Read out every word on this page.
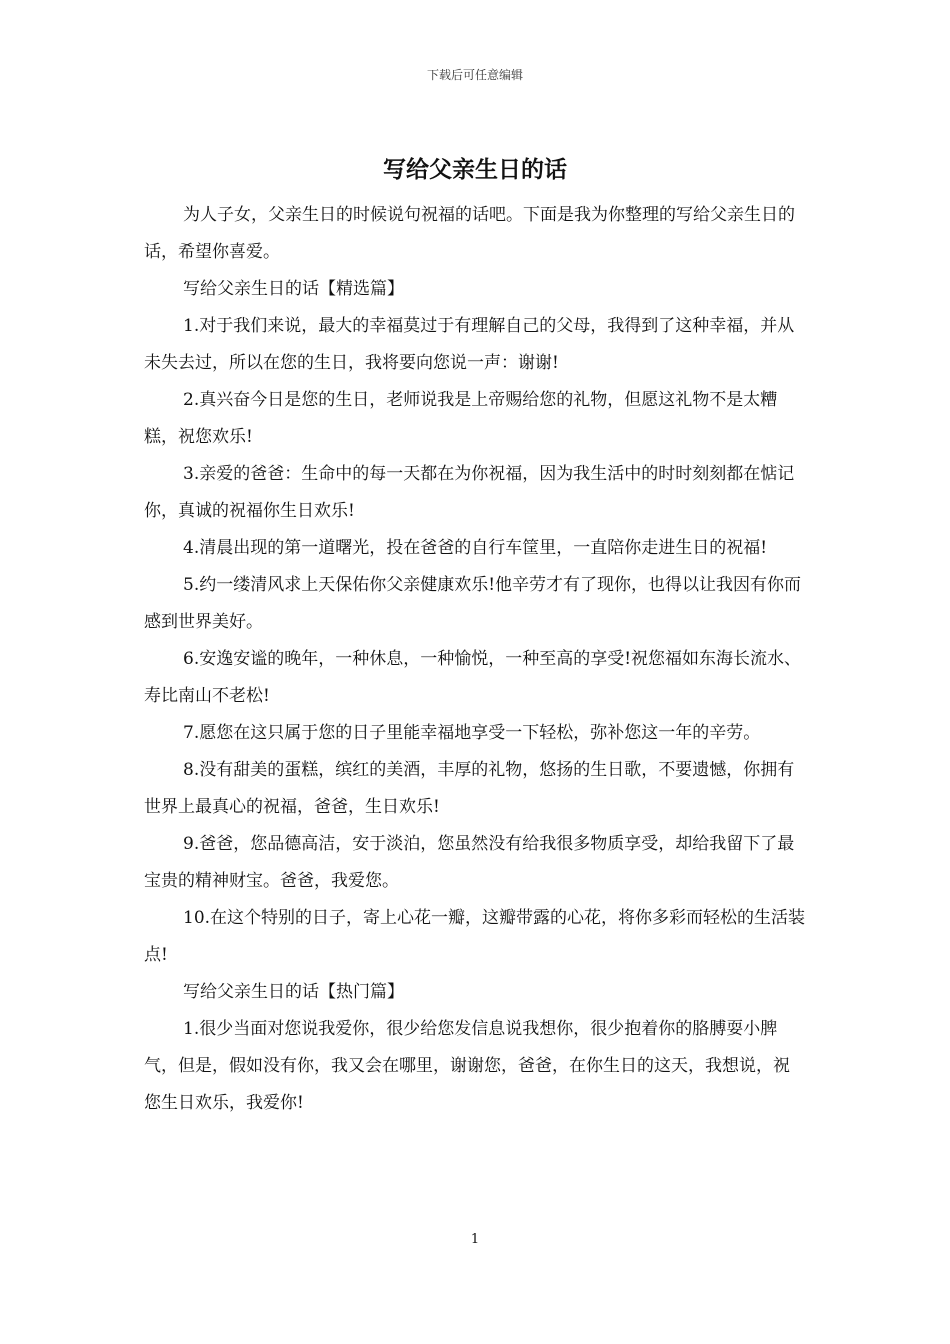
下载后可任意编辑
写给父亲生日的话

为人子女，父亲生日的时候说句祝福的话吧。下面是我为你整理的写给父亲生日的话，希望你喜爱。

写给父亲生日的话【精选篇】

1.对于我们来说，最大的幸福莫过于有理解自己的父母，我得到了这种幸福，并从未失去过，所以在您的生日，我将要向您说一声：谢谢!

2.真兴奋今日是您的生日，老师说我是上帝赐给您的礼物，但愿这礼物不是太糟糕，祝您欢乐!

3.亲爱的爸爸：生命中的每一天都在为你祝福，因为我生活中的时时刻刻都在惦记你，真诚的祝福你生日欢乐!

4.清晨出现的第一道曙光，投在爸爸的自行车筐里，一直陪你走进生日的祝福!

5.约一缕清风求上天保佑你父亲健康欢乐!他辛劳才有了现你，也得以让我因有你而感到世界美好。

6.安逸安谧的晚年，一种休息，一种愉悦，一种至高的享受!祝您福如东海长流水、寿比南山不老松!

7.愿您在这只属于您的日子里能幸福地享受一下轻松，弥补您这一年的辛劳。

8.没有甜美的蛋糕，缤红的美酒，丰厚的礼物，悠扬的生日歌，不要遗憾，你拥有世界上最真心的祝福，爸爸，生日欢乐!

9.爸爸，您品德高洁，安于淡泊，您虽然没有给我很多物质享受，却给我留下了最宝贵的精神财宝。爸爸，我爱您。

10.在这个特别的日子，寄上心花一瓣，这瓣带露的心花，将你多彩而轻松的生活装点!

写给父亲生日的话【热门篇】

1.很少当面对您说我爱你，很少给您发信息说我想你，很少抱着你的胳膊耍小脾气，但是，假如没有你，我又会在哪里，谢谢您，爸爸，在你生日的这天，我想说，祝您生日欢乐，我爱你!

1
